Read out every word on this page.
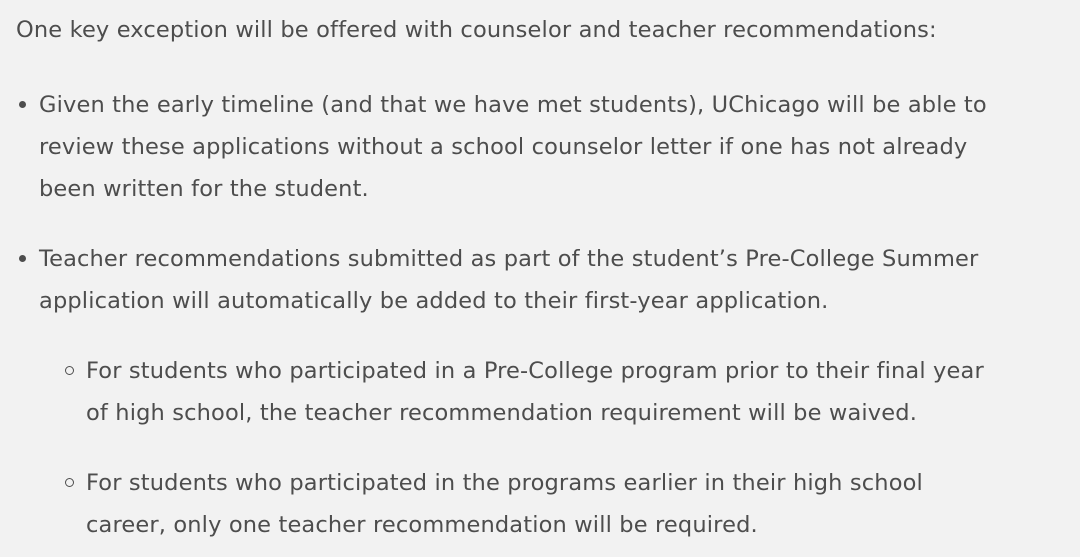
One key exception will be offered with counselor and teacher recommendations:

Given the early timeline (and that we have met students), UChicago will be able to
review these applications without a school counselor letter if one has not already
been written for the student.
Teacher recommendations submitted as part of the student’s Pre-College Summer
application will automatically be added to their first-year application.
For students who participated in a Pre-College program prior to their final year
of high school, the teacher recommendation requirement will be waived.
For students who participated in the programs earlier in their high school
career, only one teacher recommendation will be required.
